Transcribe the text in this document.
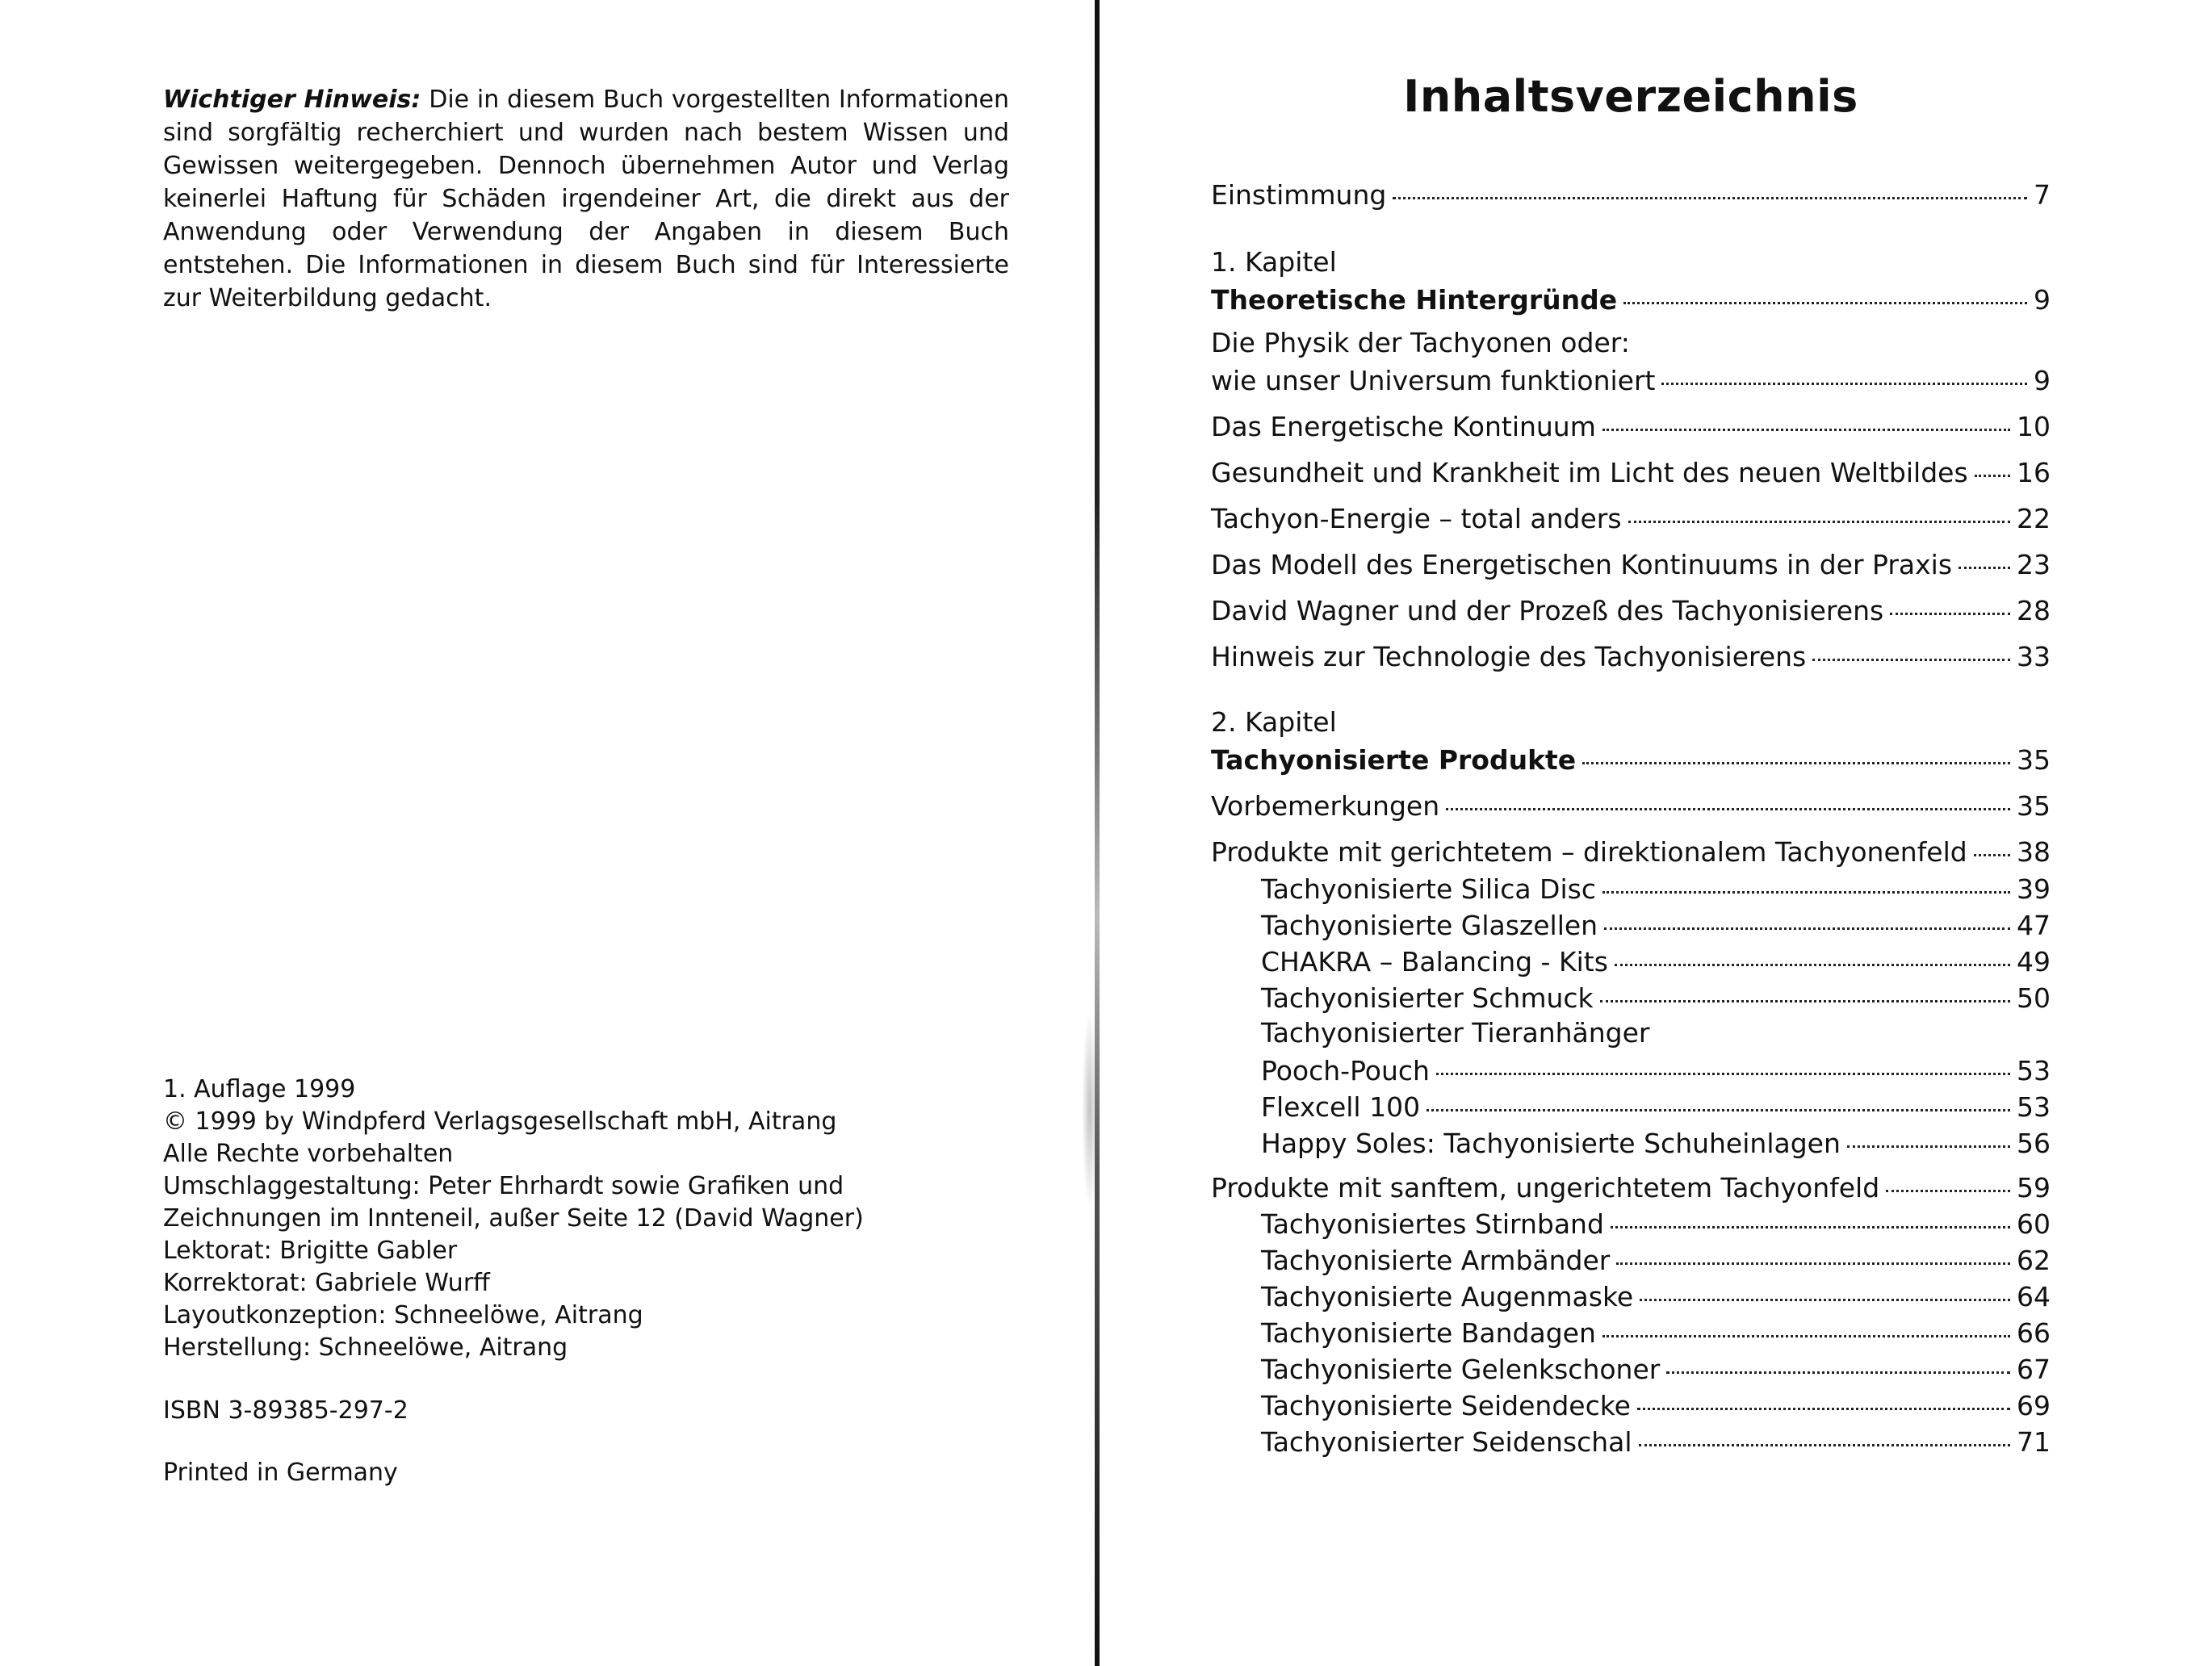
Wichtiger Hinweis: Die in diesem Buch vorgestellten Informationen sind sorgfältig recherchiert und wurden nach bestem Wissen und Gewissen weitergegeben. Dennoch übernehmen Autor und Verlag keinerlei Haftung für Schäden irgendeiner Art, die direkt aus der Anwendung oder Verwendung der Angaben in diesem Buch entstehen. Die Informationen in diesem Buch sind für Interessierte zur Weiterbildung gedacht.
1. Auflage 1999
© 1999 by Windpferd Verlagsgesellschaft mbH, Aitrang
Alle Rechte vorbehalten
Umschlaggestaltung: Peter Ehrhardt sowie Grafiken und
Zeichnungen im Innteneil, außer Seite 12 (David Wagner)
Lektorat: Brigitte Gabler
Korrektorat: Gabriele Wurff
Layoutkonzeption: Schneelöwe, Aitrang
Herstellung: Schneelöwe, Aitrang
ISBN 3-89385-297-2
Printed in Germany
Inhaltsverzeichnis
Einstimmung	7
1. Kapitel
Theoretische Hintergründe	9
Die Physik der Tachyonen oder:
wie unser Universum funktioniert	9
Das Energetische Kontinuum	10
Gesundheit und Krankheit im Licht des neuen Weltbildes 16
Tachyon-Energie – total anders	22
Das Modell des Energetischen Kontinuums in der Praxis 23
David Wagner und der Prozeß des Tachyonisierens	28
Hinweis zur Technologie des Tachyonisierens	33
2. Kapitel
Tachyonisierte Produkte	35
Vorbemerkungen	35
Produkte mit gerichtetem – direktionalem Tachyonenfeld 38
Tachyonisierte Silica Disc	39
Tachyonisierte Glaszellen	47
CHAKRA – Balancing - Kits	49
Tachyonisierter Schmuck	50
Tachyonisierter Tieranhänger
Pooch-Pouch	53
Flexcell 100	53
Happy Soles: Tachyonisierte Schuheinlagen	56
Produkte mit sanftem, ungerichtetem Tachyonfeld	59
Tachyonisiertes Stirnband	60
Tachyonisierte Armbänder	62
Tachyonisierte Augenmaske	64
Tachyonisierte Bandagen	66
Tachyonisierte Gelenkschoner	67
Tachyonisierte Seidendecke	69
Tachyonisierter Seidenschal	71
